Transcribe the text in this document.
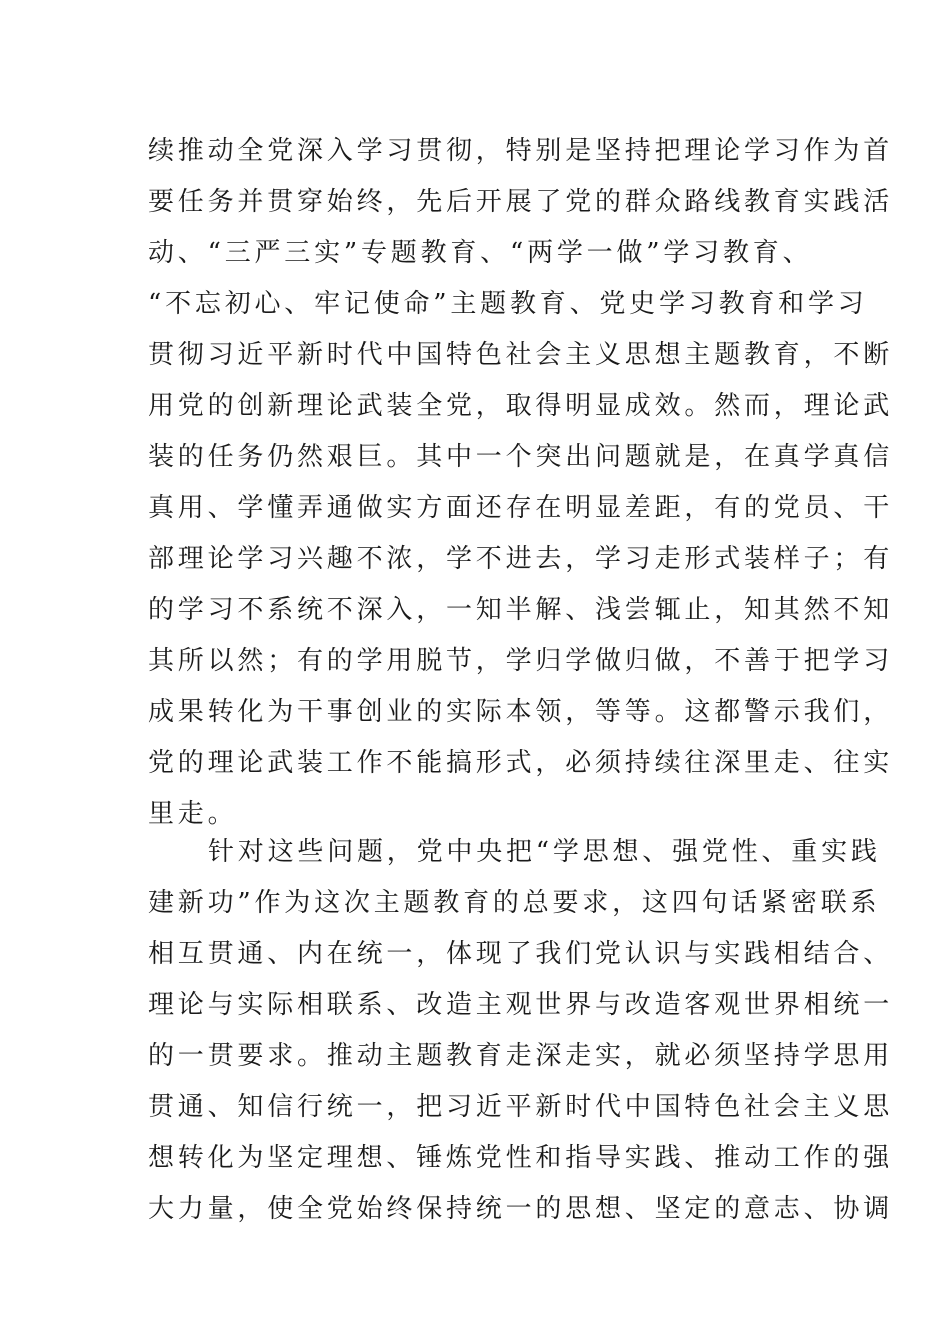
续推动全党深入学习贯彻，特别是坚持把理论学习作为首
要任务并贯穿始终，先后开展了党的群众路线教育实践活
动、“三严三实”专题教育、“两学一做”学习教育、
“不忘初心、牢记使命”主题教育、党史学习教育和学习
贯彻习近平新时代中国特色社会主义思想主题教育，不断
用党的创新理论武装全党，取得明显成效。然而，理论武
装的任务仍然艰巨。其中一个突出问题就是，在真学真信
真用、学懂弄通做实方面还存在明显差距，有的党员、干
部理论学习兴趣不浓，学不进去，学习走形式装样子；有
的学习不系统不深入，一知半解、浅尝辄止，知其然不知
其所以然；有的学用脱节，学归学做归做，不善于把学习
成果转化为干事创业的实际本领，等等。这都警示我们，
党的理论武装工作不能搞形式，必须持续往深里走、往实
里走。
针对这些问题，党中央把“学思想、强党性、重实践
建新功”作为这次主题教育的总要求，这四句话紧密联系
相互贯通、内在统一，体现了我们党认识与实践相结合、
理论与实际相联系、改造主观世界与改造客观世界相统一
的一贯要求。推动主题教育走深走实，就必须坚持学思用
贯通、知信行统一，把习近平新时代中国特色社会主义思
想转化为坚定理想、锤炼党性和指导实践、推动工作的强
大力量，使全党始终保持统一的思想、坚定的意志、协调
